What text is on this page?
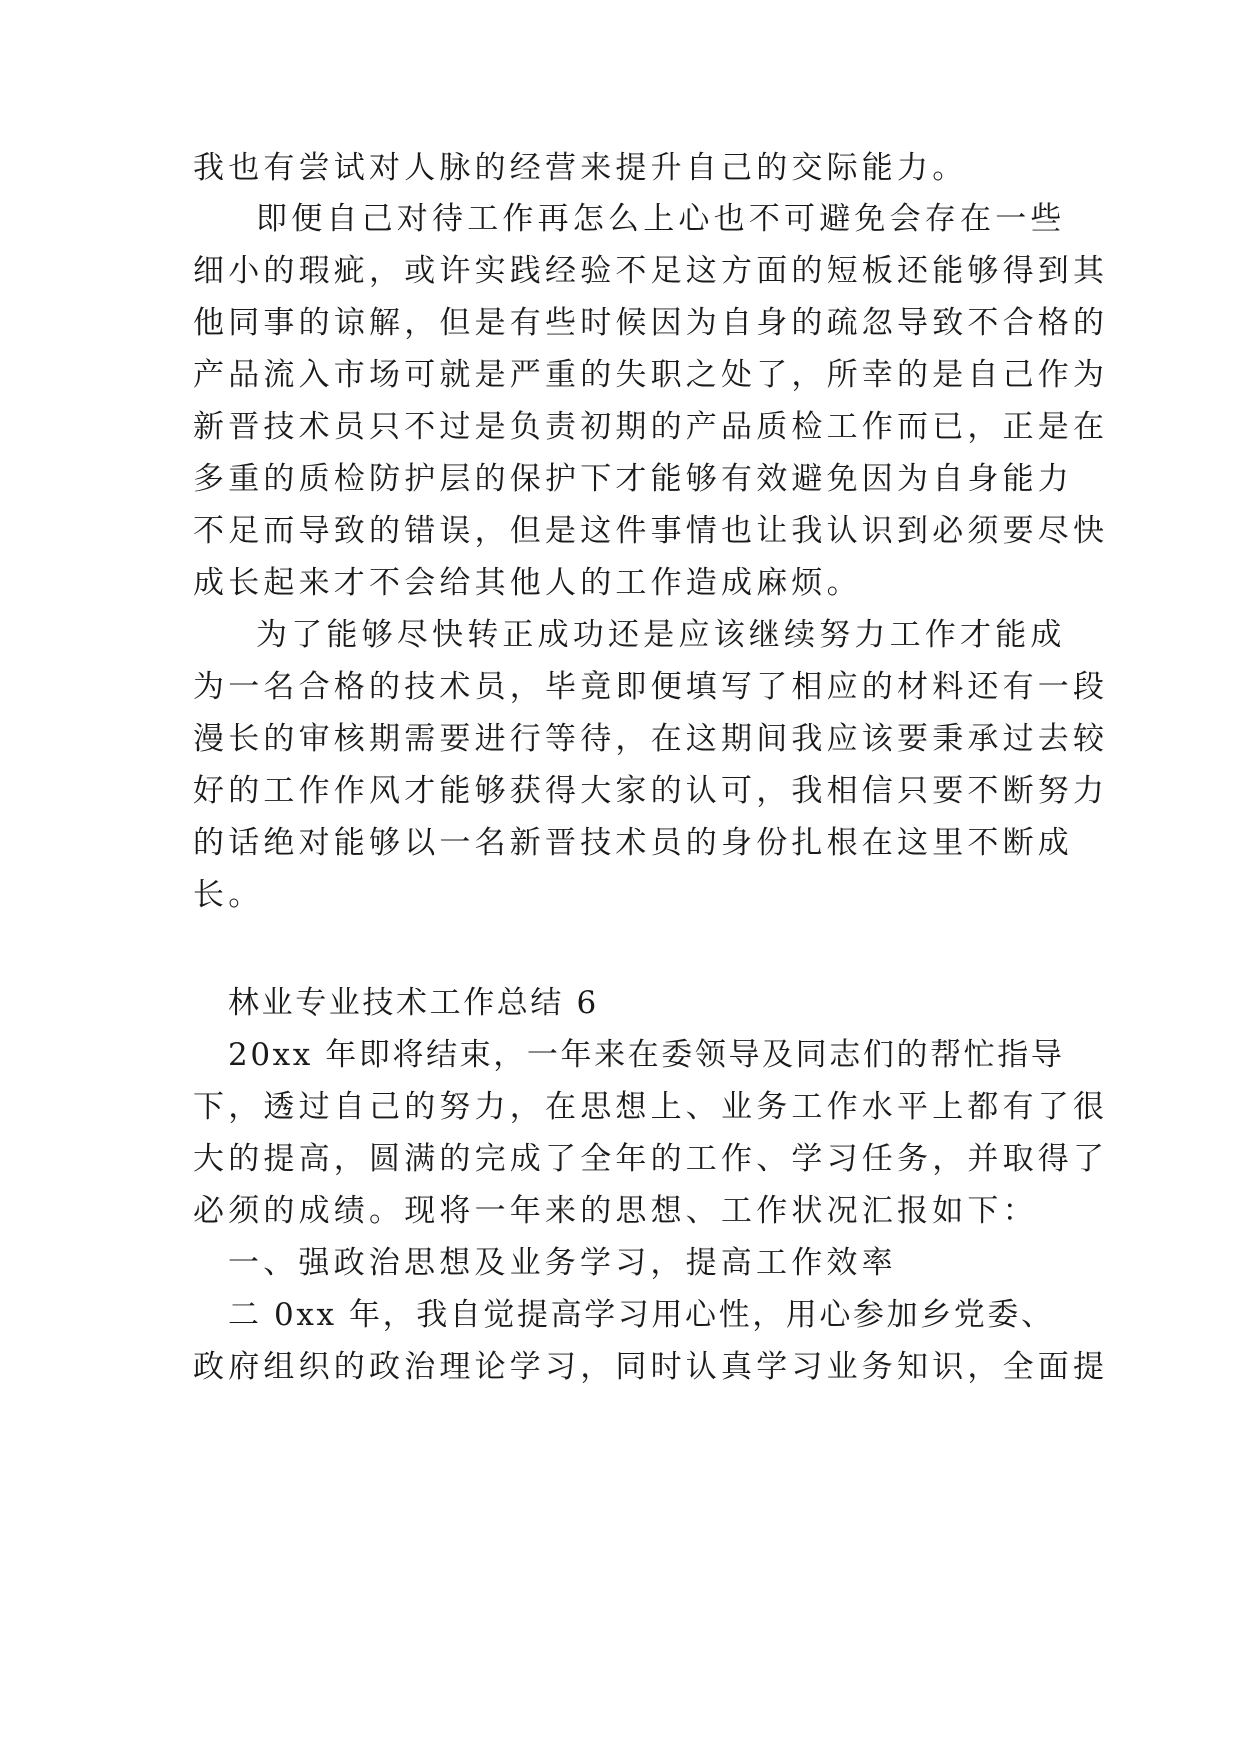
我也有尝试对人脉的经营来提升自己的交际能力。
即便自己对待工作再怎么上心也不可避免会存在一些
细小的瑕疵，或许实践经验不足这方面的短板还能够得到其
他同事的谅解，但是有些时候因为自身的疏忽导致不合格的
产品流入市场可就是严重的失职之处了，所幸的是自己作为
新晋技术员只不过是负责初期的产品质检工作而已，正是在
多重的质检防护层的保护下才能够有效避免因为自身能力
不足而导致的错误，但是这件事情也让我认识到必须要尽快
成长起来才不会给其他人的工作造成麻烦。
为了能够尽快转正成功还是应该继续努力工作才能成
为一名合格的技术员，毕竟即便填写了相应的材料还有一段
漫长的审核期需要进行等待，在这期间我应该要秉承过去较
好的工作作风才能够获得大家的认可，我相信只要不断努力
的话绝对能够以一名新晋技术员的身份扎根在这里不断成
长。
林业专业技术工作总结 6
20xx 年即将结束，一年来在委领导及同志们的帮忙指导
下，透过自己的努力，在思想上、业务工作水平上都有了很
大的提高，圆满的完成了全年的工作、学习任务，并取得了
必须的成绩。现将一年来的思想、工作状况汇报如下：
一、强政治思想及业务学习，提高工作效率
二 0xx 年，我自觉提高学习用心性，用心参加乡党委、
政府组织的政治理论学习，同时认真学习业务知识，全面提
